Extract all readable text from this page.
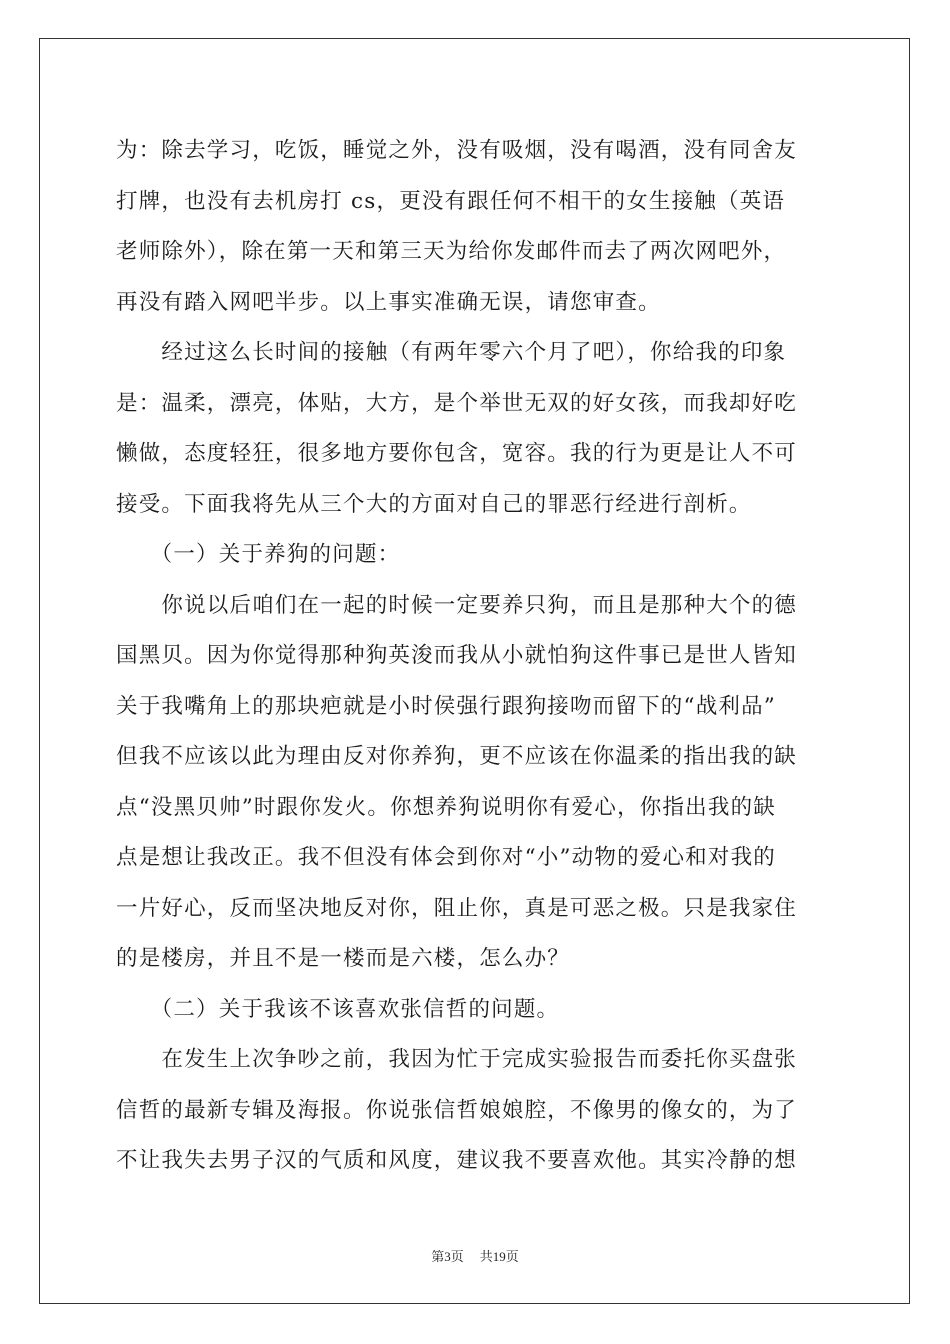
为：除去学习，吃饭，睡觉之外，没有吸烟，没有喝酒，没有同舍友
打牌，也没有去机房打 cs，更没有跟任何不相干的女生接触（英语
老师除外），除在第一天和第三天为给你发邮件而去了两次网吧外，
再没有踏入网吧半步。以上事实准确无误，请您审查。
　　经过这么长时间的接触（有两年零六个月了吧），你给我的印象
是：温柔，漂亮，体贴，大方，是个举世无双的好女孩，而我却好吃
懒做，态度轻狂，很多地方要你包含，宽容。我的行为更是让人不可
接受。下面我将先从三个大的方面对自己的罪恶行经进行剖析。
　　（一）关于养狗的问题：
　　你说以后咱们在一起的时候一定要养只狗，而且是那种大个的德
国黑贝。因为你觉得那种狗英浚而我从小就怕狗这件事已是世人皆知
关于我嘴角上的那块疤就是小时侯强行跟狗接吻而留下的“战利品”
但我不应该以此为理由反对你养狗，更不应该在你温柔的指出我的缺
点“没黑贝帅”时跟你发火。你想养狗说明你有爱心，你指出我的缺
点是想让我改正。我不但没有体会到你对“小”动物的爱心和对我的
一片好心，反而坚决地反对你，阻止你，真是可恶之极。只是我家住
的是楼房，并且不是一楼而是六楼，怎么办？
　　（二）关于我该不该喜欢张信哲的问题。
　　在发生上次争吵之前，我因为忙于完成实验报告而委托你买盘张
信哲的最新专辑及海报。你说张信哲娘娘腔，不像男的像女的，为了
不让我失去男子汉的气质和风度，建议我不要喜欢他。其实冷静的想
第3页 共19页
